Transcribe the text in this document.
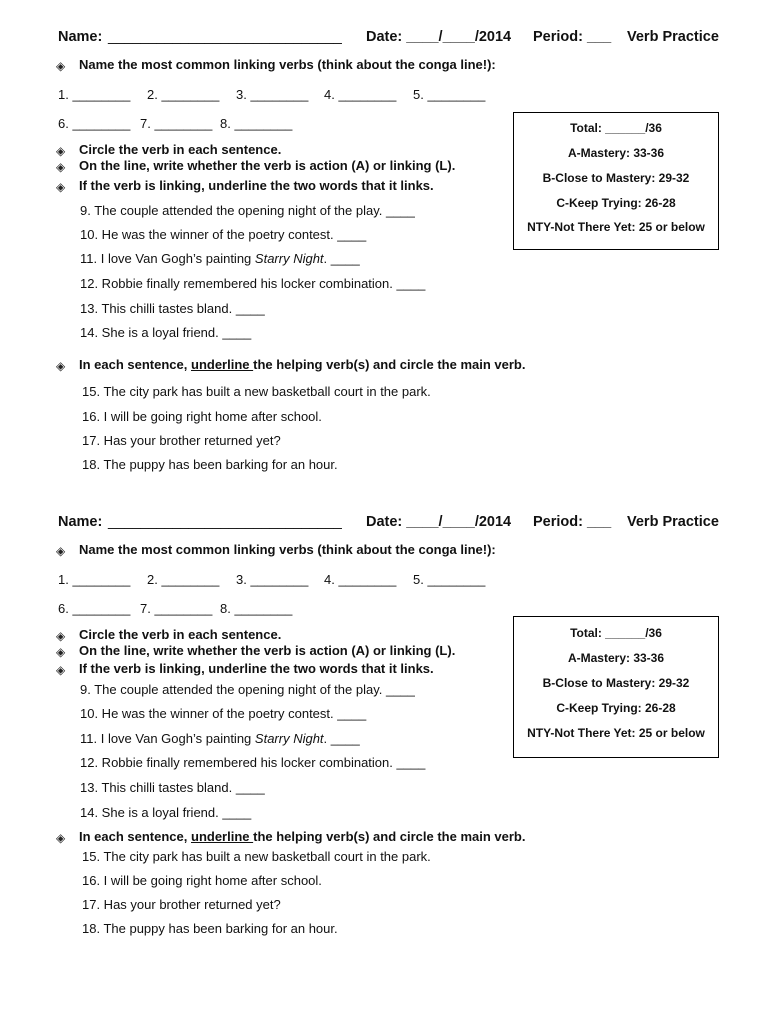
Name: _____________________________ Date: ____/____/2014 Period: ___ Verb Practice
◈ Name the most common linking verbs (think about the conga line!):
1. ________ 2. ________ 3. ________ 4. ________ 5. ________
6. ________ 7. ________ 8. ________
◈ Circle the verb in each sentence.
◈ On the line, write whether the verb is action (A) or linking (L).
◈ If the verb is linking, underline the two words that it links.
9. The couple attended the opening night of the play. ____
10. He was the winner of the poetry contest. ____
11. I love Van Gogh’s painting Starry Night. ____
12. Robbie finally remembered his locker combination. ____
13. This chilli tastes bland. ____
14. She is a loyal friend. ____
◈ In each sentence, underline the helping verb(s) and circle the main verb.
15. The city park has built a new basketball court in the park.
16. I will be going right home after school.
17. Has your brother returned yet?
18. The puppy has been barking for an hour.
Total: ______/36
A-Mastery: 33-36
B-Close to Mastery: 29-32
C-Keep Trying: 26-28
NTY-Not There Yet: 25 or below
Name: _____________________________ Date: ____/____/2014 Period: ___ Verb Practice
◈ Name the most common linking verbs (think about the conga line!):
1. ________ 2. ________ 3. ________ 4. ________ 5. ________
6. ________ 7. ________ 8. ________
◈ Circle the verb in each sentence.
◈ On the line, write whether the verb is action (A) or linking (L).
◈ If the verb is linking, underline the two words that it links.
9. The couple attended the opening night of the play. ____
10. He was the winner of the poetry contest. ____
11. I love Van Gogh’s painting Starry Night. ____
12. Robbie finally remembered his locker combination. ____
13. This chilli tastes bland. ____
14. She is a loyal friend. ____
◈ In each sentence, underline the helping verb(s) and circle the main verb.
15. The city park has built a new basketball court in the park.
16. I will be going right home after school.
17. Has your brother returned yet?
18. The puppy has been barking for an hour.
Total: ______/36
A-Mastery: 33-36
B-Close to Mastery: 29-32
C-Keep Trying: 26-28
NTY-Not There Yet: 25 or below
